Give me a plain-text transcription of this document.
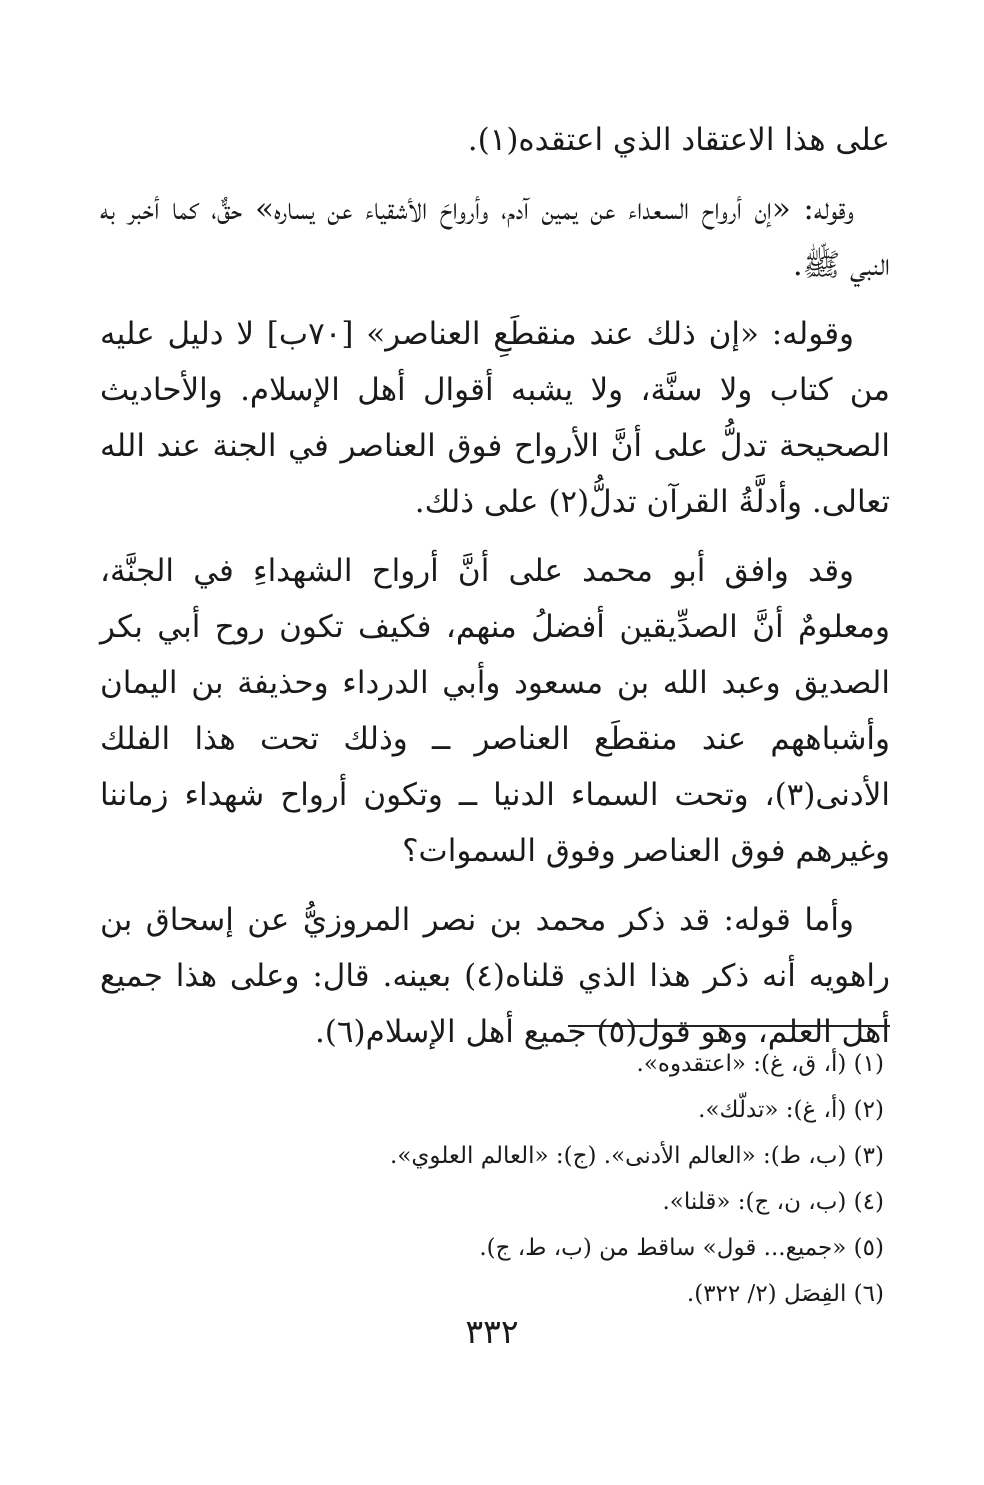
على هذا الاعتقاد الذي اعتقده(١).

وقوله: «إن أرواح السعداء عن يمين آدم، وأرواحَ الأشقياء عن يساره» حقٌّ، كما أخبر به النبي ﷺ.

وقوله: «إن ذلك عند منقطَعِ العناصر» [٧٠ب] لا دليل عليه من كتاب ولا سنَّة، ولا يشبه أقوال أهل الإسلام. والأحاديث الصحيحة تدلُّ على أنَّ الأرواح فوق العناصر في الجنة عند الله تعالى. وأدلَّةُ القرآن تدلُّ(٢) على ذلك.

وقد وافق أبو محمد على أنَّ أرواح الشهداءِ في الجنَّة، ومعلومٌ أنَّ الصدِّيقين أفضلُ منهم، فكيف تكون روح أبي بكر الصديق وعبد الله بن مسعود وأبي الدرداء وحذيفة بن اليمان وأشباههم عند منقطَع العناصر ــ وذلك تحت هذا الفلك الأدنى(٣)، وتحت السماء الدنيا ــ وتكون أرواح شهداء زماننا وغيرهم فوق العناصر وفوق السموات؟

وأما قوله: قد ذكر محمد بن نصر المروزيُّ عن إسحاق بن راهويه أنه ذكر هذا الذي قلناه(٤) بعينه. قال: وعلى هذا جميع أهل العلم، وهو قول(٥) جميع أهل الإسلام(٦).

(١) (أ، ق، غ): «اعتقدوه».
(٢) (أ، غ): «تدلّك».
(٣) (ب، ط): «العالم الأدنى». (ج): «العالم العلوي».
(٤) (ب، ن، ج): «قلنا».
(٥) «جميع... قول» ساقط من (ب، ط، ج).
(٦) الفِصَل (٢/ ٣٢٢).
٣٣٢
